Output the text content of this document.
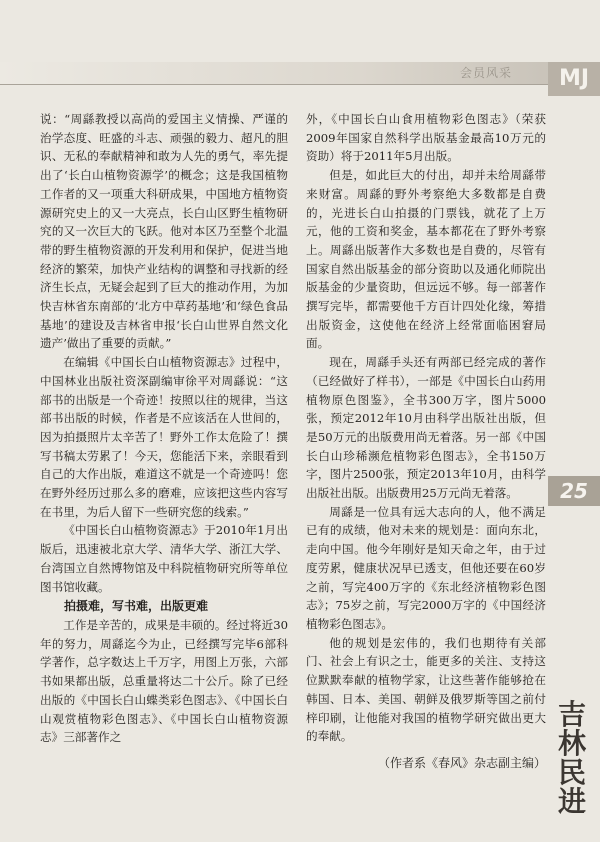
会员风采	MJ

说：“周繇教授以高尚的爱国主义情操、严谨的治学态度、旺盛的斗志、顽强的毅力、超凡的胆识、无私的奉献精神和敢为人先的勇气，率先提出了‘长白山植物资源学’的概念；这是我国植物工作者的又一项重大科研成果，中国地方植物资源研究史上的又一大亮点，长白山区野生植物研究的又一次巨大的飞跃。他对本区乃至整个北温带的野生植物资源的开发利用和保护，促进当地经济的繁荣，加快产业结构的调整和寻找新的经济生长点，无疑会起到了巨大的推动作用，为加快吉林省东南部的‘北方中草药基地’和‘绿色食品基地’的建设及吉林省申报‘长白山世界自然文化遗产’做出了重要的贡献。”

在编辑《中国长白山植物资源志》过程中，中国林业出版社资深副编审徐平对周繇说：“这部书的出版是一个奇迹！按照以往的规律，当这部书出版的时候，作者是不应该活在人世间的，因为拍摄照片太辛苦了！野外工作太危险了！撰写书稿太劳累了！今天，您能活下来，亲眼看到自己的大作出版，难道这不就是一个奇迹吗！您在野外经历过那么多的磨难，应该把这些内容写在书里，为后人留下一些研究您的线索。”

《中国长白山植物资源志》于2010年1月出版后，迅速被北京大学、清华大学、浙江大学、台湾国立自然博物馆及中科院植物研究所等单位图书馆收藏。

拍摄难，写书难，出版更难

工作是辛苦的，成果是丰硕的。经过将近30年的努力，周繇迄今为止，已经撰写完毕6部科学著作，总字数达上千万字，用图上万张，六部书如果都出版，总重量将达二十公斤。除了已经出版的《中国长白山蝶类彩色图志》、《中国长白山观赏植物彩色图志》、《中国长白山植物资源志》三部著作之

外，《中国长白山食用植物彩色图志》（荣获2009年国家自然科学出版基金最高10万元的资助）将于2011年5月出版。

但是，如此巨大的付出，却并未给周繇带来财富。周繇的野外考察绝大多数都是自费的，光进长白山拍摄的门票钱，就花了上万元，他的工资和奖金，基本都花在了野外考察上。周繇出版著作大多数也是自费的，尽管有国家自然出版基金的部分资助以及通化师院出版基金的少量资助，但远远不够。每一部著作撰写完毕，都需要他千方百计四处化缘，筹措出版资金，这使他在经济上经常面临困窘局面。

现在，周繇手头还有两部已经完成的著作（已经做好了样书），一部是《中国长白山药用植物原色图鉴》，全书300万字，图片5000张，预定2012年10月由科学出版社出版，但是50万元的出版费用尚无着落。另一部《中国长白山珍稀濒危植物彩色图志》，全书150万字，图片2500张，预定2013年10月，由科学出版社出版。出版费用25万元尚无着落。

周繇是一位具有远大志向的人，他不满足已有的成绩，他对未来的规划是：面向东北，走向中国。他今年刚好是知天命之年，由于过度劳累，健康状况早已透支，但他还要在60岁之前，写完400万字的《东北经济植物彩色图志》；75岁之前，写完2000万字的《中国经济植物彩色图志》。

他的规划是宏伟的，我们也期待有关部门、社会上有识之士，能更多的关注、支持这位默默奉献的植物学家，让这些著作能够抢在韩国、日本、美国、朝鲜及俄罗斯等国之前付梓印刷，让他能对我国的植物学研究做出更大的奉献。

（作者系《春风》杂志副主编）

25
吉林民进
